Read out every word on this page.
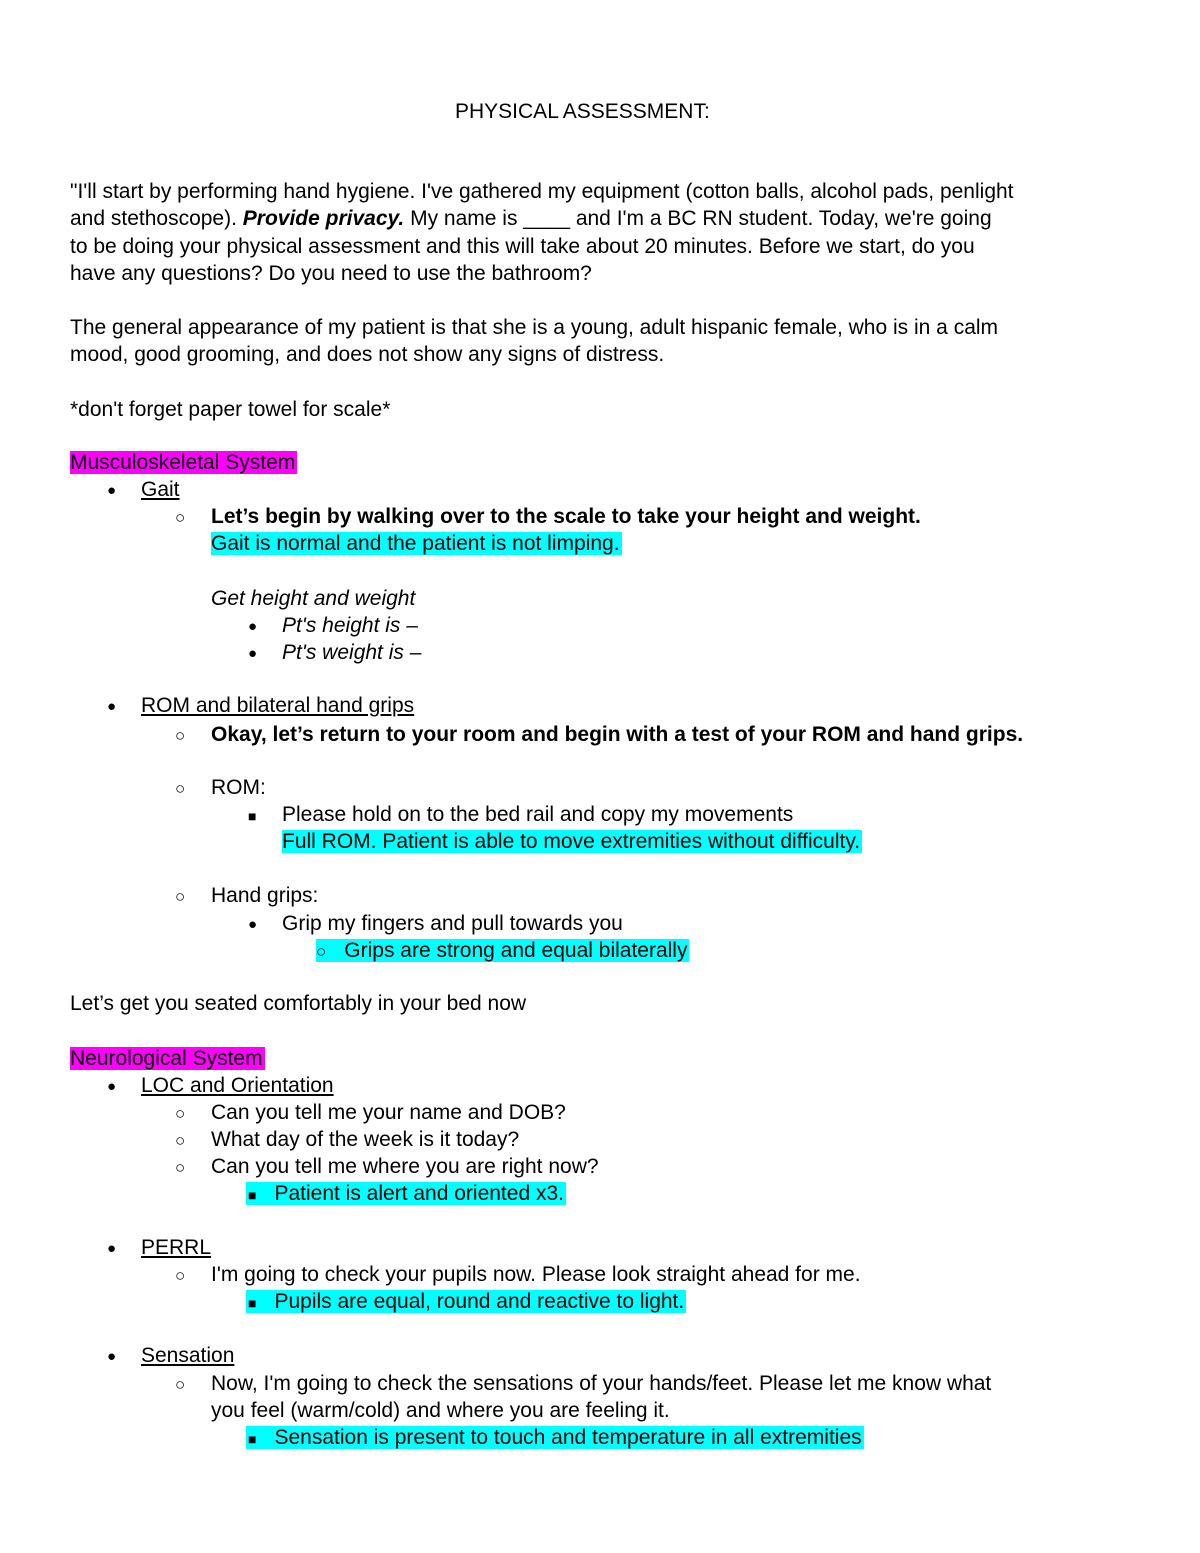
PHYSICAL ASSESSMENT:
"I'll start by performing hand hygiene. I've gathered my equipment (cotton balls, alcohol pads, penlight
and stethoscope). Provide privacy. My name is ____ and I'm a BC RN student. Today, we're going
to be doing your physical assessment and this will take about 20 minutes. Before we start, do you
have any questions? Do you need to use the bathroom?
The general appearance of my patient is that she is a young, adult hispanic female, who is in a calm
mood, good grooming, and does not show any signs of distress.
*don't forget paper towel for scale*
Musculoskeletal System
● Gait
○ Let’s begin by walking over to the scale to take your height and weight.
Gait is normal and the patient is not limping.
Get height and weight
● Pt's height is –
● Pt's weight is –
● ROM and bilateral hand grips
○ Okay, let’s return to your room and begin with a test of your ROM and hand grips.
○ ROM:
■ Please hold on to the bed rail and copy my movements
Full ROM. Patient is able to move extremities without difficulty.
○ Hand grips:
● Grip my fingers and pull towards you
○ Grips are strong and equal bilaterally
Let’s get you seated comfortably in your bed now
Neurological System
● LOC and Orientation
○ Can you tell me your name and DOB?
○ What day of the week is it today?
○ Can you tell me where you are right now?
■ Patient is alert and oriented x3.
● PERRL
○ I'm going to check your pupils now. Please look straight ahead for me.
■ Pupils are equal, round and reactive to light.
● Sensation
○ Now, I'm going to check the sensations of your hands/feet. Please let me know what
you feel (warm/cold) and where you are feeling it.
■ Sensation is present to touch and temperature in all extremities
